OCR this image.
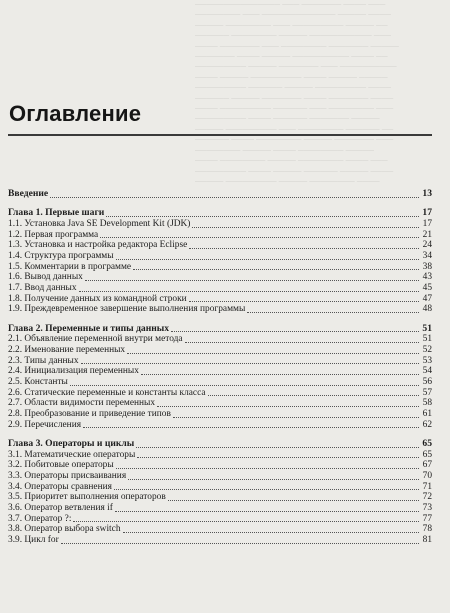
─────────────── ─── ─────── ──── ───
──────── ─── ───────────── ───── ────
───── ──────── ─── ───────── ───── ──
────── ──────── ───── ─────────── ───
──── ─────── ─── ──────── ─────── ─────
─────── ──── ───── ────────── ──── ──
───────── ───── ─────── ─── ──────────
──── ───── ───────── ──── ───── ─────
───────── ────── ───── ───────── ────
────── ───── ─────── ──── ─────── ────
──── ───────── ────── ─── ──────── ───
───────── ──── ────── ─────── ─────
───── ───────── ─── ──────── ────── ──
────── ──── ──────── ───── ─────── ───
──────── ───── ──── ──────── ─────
──── ──────── ───── ──────── ──── ───
───────── ──── ───── ────── ───── ────
───── ───────── ───── ──────── ────
Оглавление
Введение	13
Глава 1. Первые шаги	17
1.1. Установка Java SE Development Kit (JDK)	17
1.2. Первая программа	21
1.3. Установка и настройка редактора Eclipse	24
1.4. Структура программы	34
1.5. Комментарии в программе	38
1.6. Вывод данных	43
1.7. Ввод данных	45
1.8. Получение данных из командной строки	47
1.9. Преждевременное завершение выполнения программы	48
Глава 2. Переменные и типы данных	51
2.1. Объявление переменной внутри метода	51
2.2. Именование переменных	52
2.3. Типы данных	53
2.4. Инициализация переменных	54
2.5. Константы	56
2.6. Статические переменные и константы класса	57
2.7. Области видимости переменных	58
2.8. Преобразование и приведение типов	61
2.9. Перечисления	62
Глава 3. Операторы и циклы	65
3.1. Математические операторы	65
3.2. Побитовые операторы	67
3.3. Операторы присваивания	70
3.4. Операторы сравнения	71
3.5. Приоритет выполнения операторов	72
3.6. Оператор ветвления if	73
3.7. Оператор ?:	77
3.8. Оператор выбора switch	78
3.9. Цикл for	81
